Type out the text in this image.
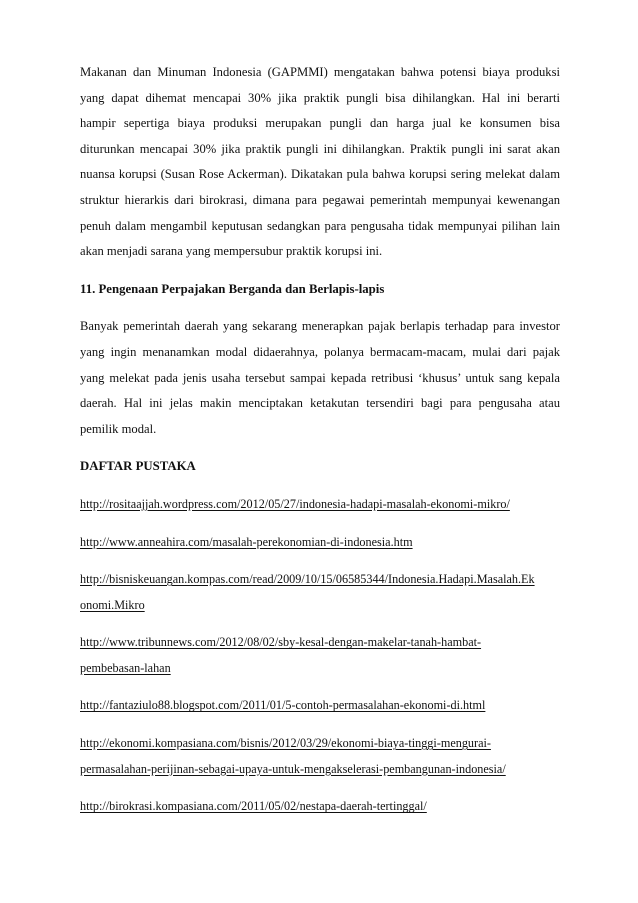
Makanan dan Minuman Indonesia (GAPMMI) mengatakan bahwa potensi biaya produksi
yang dapat dihemat mencapai 30% jika praktik pungli bisa dihilangkan. Hal ini berarti
hampir sepertiga biaya produksi merupakan pungli dan harga jual ke konsumen bisa
diturunkan mencapai 30% jika praktik pungli ini dihilangkan. Praktik pungli ini sarat akan
nuansa korupsi (Susan Rose Ackerman). Dikatakan pula bahwa korupsi sering melekat dalam
struktur hierarkis dari birokrasi, dimana para pegawai pemerintah mempunyai kewenangan
penuh dalam mengambil keputusan sedangkan para pengusaha tidak mempunyai pilihan lain
akan menjadi sarana yang mempersubur praktik korupsi ini.

11. Pengenaan Perpajakan Berganda dan Berlapis-lapis

Banyak pemerintah daerah yang sekarang menerapkan pajak berlapis terhadap para investor
yang ingin menanamkan modal didaerahnya, polanya bermacam-macam, mulai dari pajak
yang melekat pada jenis usaha tersebut sampai kepada retribusi ‘khusus’ untuk sang kepala
daerah. Hal ini jelas makin menciptakan ketakutan tersendiri bagi para pengusaha atau
pemilik modal.

DAFTAR PUSTAKA
http://rositaajjah.wordpress.com/2012/05/27/indonesia-hadapi-masalah-ekonomi-mikro/
http://www.anneahira.com/masalah-perekonomian-di-indonesia.htm
http://bisniskeuangan.kompas.com/read/2009/10/15/06585344/Indonesia.Hadapi.Masalah.Ek
onomi.Mikro
http://www.tribunnews.com/2012/08/02/sby-kesal-dengan-makelar-tanah-hambat-
pembebasan-lahan
http://fantaziulo88.blogspot.com/2011/01/5-contoh-permasalahan-ekonomi-di.html
http://ekonomi.kompasiana.com/bisnis/2012/03/29/ekonomi-biaya-tinggi-mengurai-
permasalahan-perijinan-sebagai-upaya-untuk-mengakselerasi-pembangunan-indonesia/
http://birokrasi.kompasiana.com/2011/05/02/nestapa-daerah-tertinggal/
